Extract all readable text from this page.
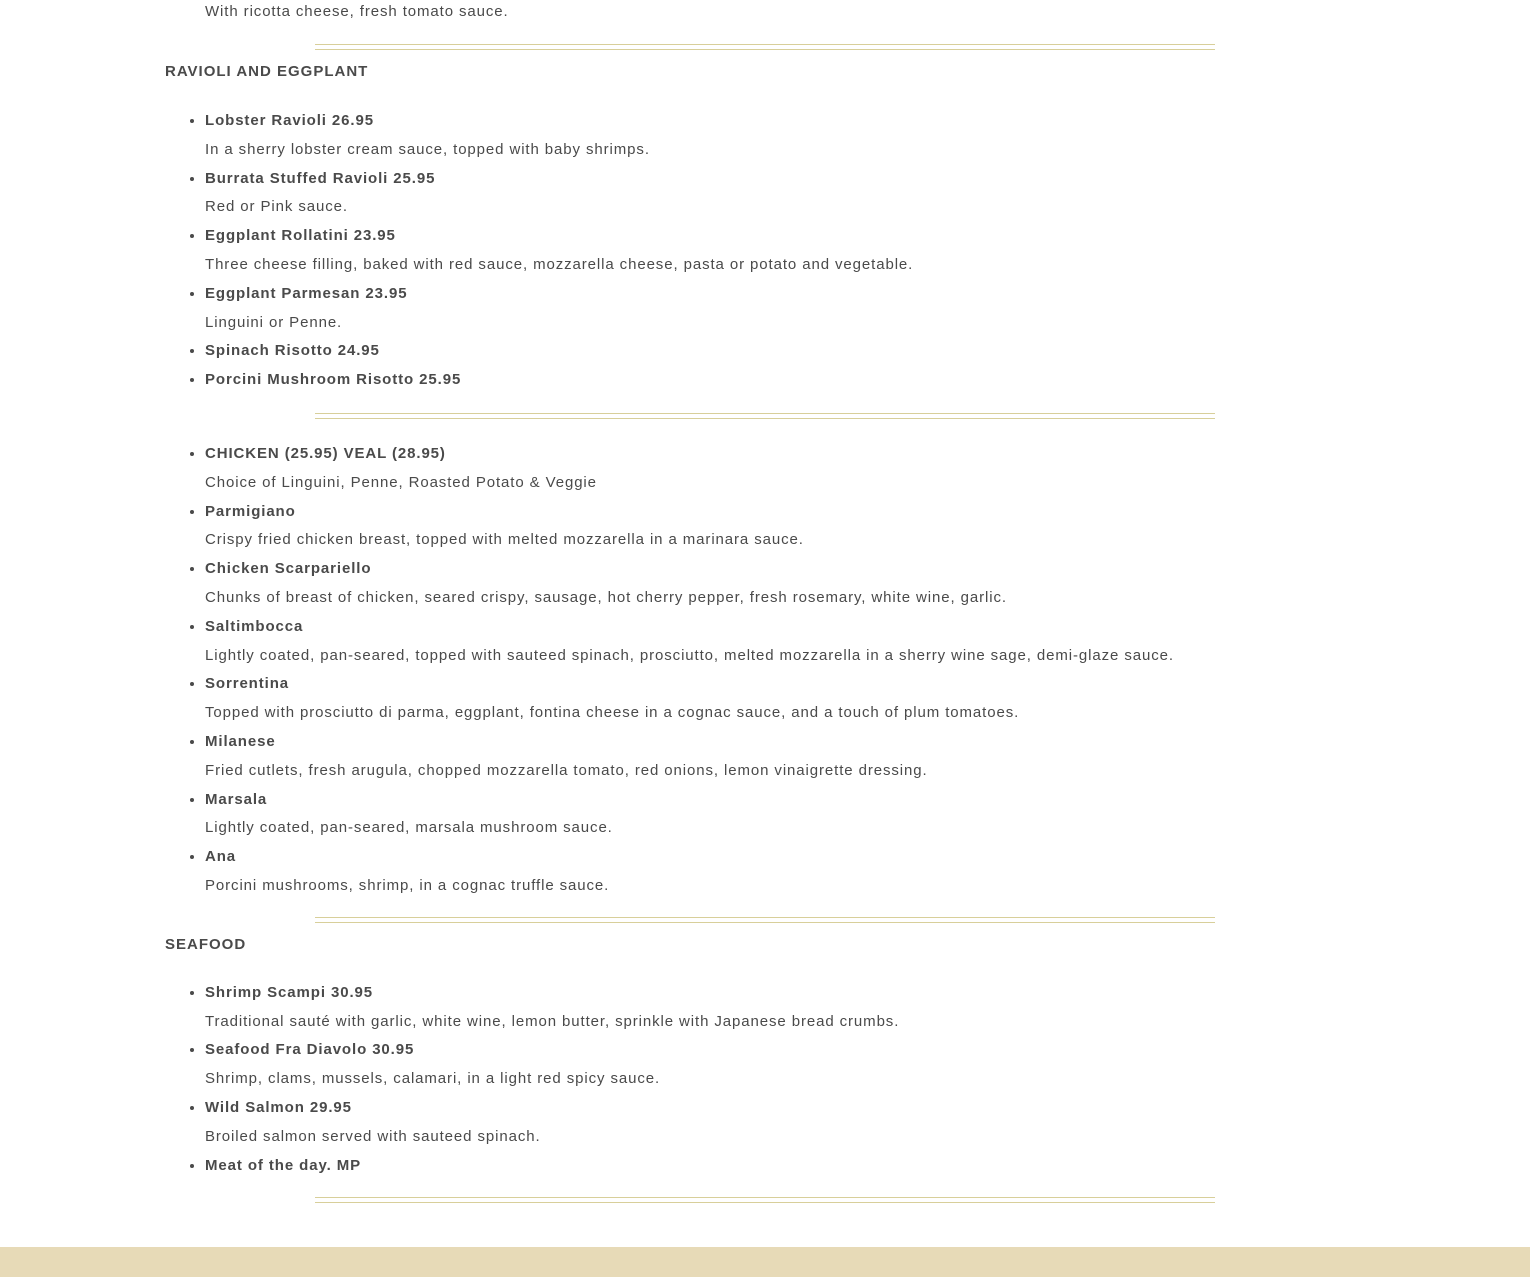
With ricotta cheese, fresh tomato sauce.

RAVIOLI AND EGGPLANT
• Lobster Ravioli 26.95
In a sherry lobster cream sauce, topped with baby shrimps.
• Burrata Stuffed Ravioli 25.95
Red or Pink sauce.
• Eggplant Rollatini 23.95
Three cheese filling, baked with red sauce, mozzarella cheese, pasta or potato and vegetable.
• Eggplant Parmesan 23.95
Linguini or Penne.
• Spinach Risotto 24.95
• Porcini Mushroom Risotto 25.95
• CHICKEN (25.95) VEAL (28.95)
Choice of Linguini, Penne, Roasted Potato & Veggie
• Parmigiano
Crispy fried chicken breast, topped with melted mozzarella in a marinara sauce.
• Chicken Scarpariello
Chunks of breast of chicken, seared crispy, sausage, hot cherry pepper, fresh rosemary, white wine, garlic.
• Saltimbocca
Lightly coated, pan-seared, topped with sauteed spinach, prosciutto, melted mozzarella in a sherry wine sage, demi-glaze sauce.
• Sorrentina
Topped with prosciutto di parma, eggplant, fontina cheese in a cognac sauce, and a touch of plum tomatoes.
• Milanese
Fried cutlets, fresh arugula, chopped mozzarella tomato, red onions, lemon vinaigrette dressing.
• Marsala
Lightly coated, pan-seared, marsala mushroom sauce.
• Ana
Porcini mushrooms, shrimp, in a cognac truffle sauce.
SEAFOOD
• Shrimp Scampi 30.95
Traditional sauté with garlic, white wine, lemon butter, sprinkle with Japanese bread crumbs.
• Seafood Fra Diavolo 30.95
Shrimp, clams, mussels, calamari, in a light red spicy sauce.
• Wild Salmon 29.95
Broiled salmon served with sauteed spinach.
• Meat of the day. MP
